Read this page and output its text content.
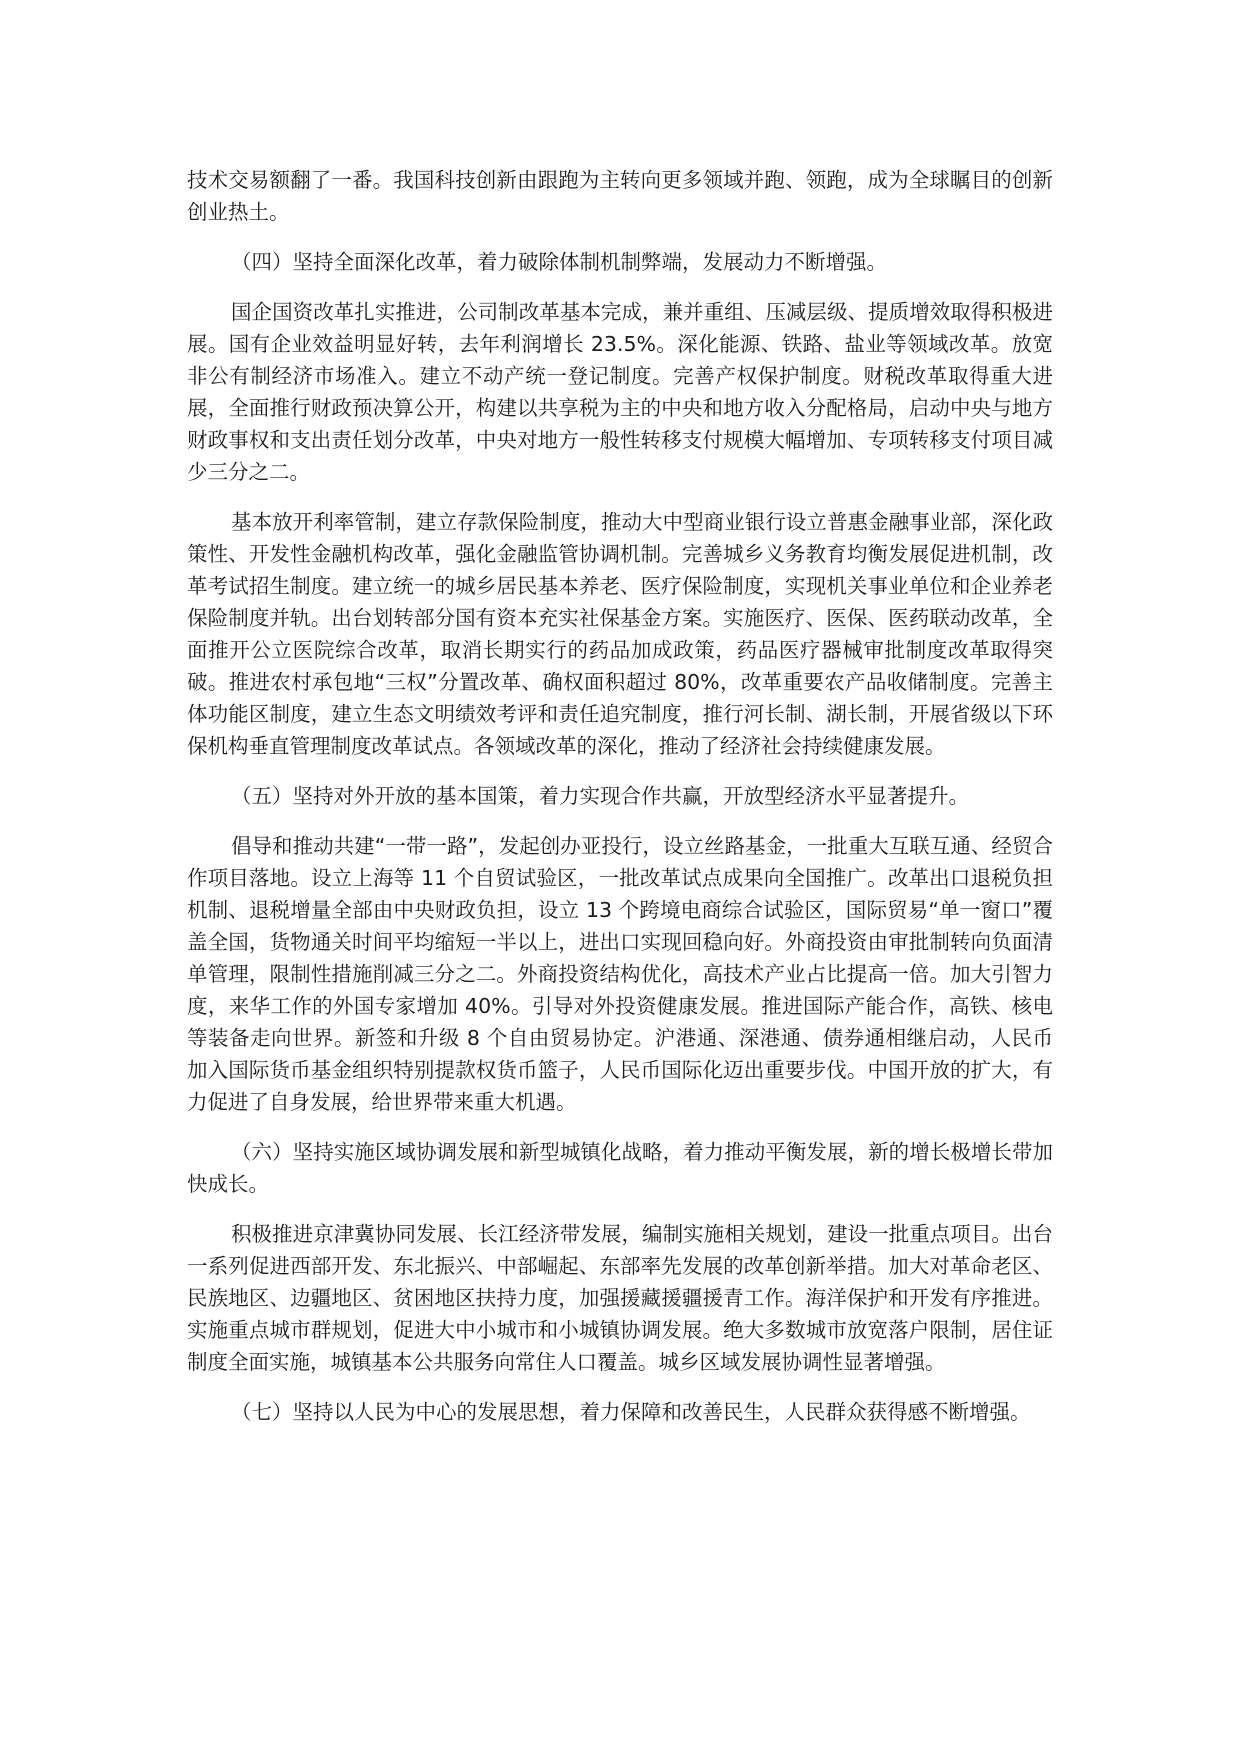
技术交易额翻了一番。我国科技创新由跟跑为主转向更多领域并跑、领跑，成为全球瞩目的创新创业热土。

（四）坚持全面深化改革，着力破除体制机制弊端，发展动力不断增强。

国企国资改革扎实推进，公司制改革基本完成，兼并重组、压减层级、提质增效取得积极进展。国有企业效益明显好转，去年利润增长 23.5%。深化能源、铁路、盐业等领域改革。放宽非公有制经济市场准入。建立不动产统一登记制度。完善产权保护制度。财税改革取得重大进展，全面推行财政预决算公开，构建以共享税为主的中央和地方收入分配格局，启动中央与地方财政事权和支出责任划分改革，中央对地方一般性转移支付规模大幅增加、专项转移支付项目减少三分之二。

基本放开利率管制，建立存款保险制度，推动大中型商业银行设立普惠金融事业部，深化政策性、开发性金融机构改革，强化金融监管协调机制。完善城乡义务教育均衡发展促进机制，改革考试招生制度。建立统一的城乡居民基本养老、医疗保险制度，实现机关事业单位和企业养老保险制度并轨。出台划转部分国有资本充实社保基金方案。实施医疗、医保、医药联动改革，全面推开公立医院综合改革，取消长期实行的药品加成政策，药品医疗器械审批制度改革取得突破。推进农村承包地“三权”分置改革、确权面积超过 80%，改革重要农产品收储制度。完善主体功能区制度，建立生态文明绩效考评和责任追究制度，推行河长制、湖长制，开展省级以下环保机构垂直管理制度改革试点。各领域改革的深化，推动了经济社会持续健康发展。

（五）坚持对外开放的基本国策，着力实现合作共赢，开放型经济水平显著提升。

倡导和推动共建“一带一路”，发起创办亚投行，设立丝路基金，一批重大互联互通、经贸合作项目落地。设立上海等 11 个自贸试验区，一批改革试点成果向全国推广。改革出口退税负担机制、退税增量全部由中央财政负担，设立 13 个跨境电商综合试验区，国际贸易“单一窗口”覆盖全国，货物通关时间平均缩短一半以上，进出口实现回稳向好。外商投资由审批制转向负面清单管理，限制性措施削减三分之二。外商投资结构优化，高技术产业占比提高一倍。加大引智力度，来华工作的外国专家增加 40%。引导对外投资健康发展。推进国际产能合作，高铁、核电等装备走向世界。新签和升级 8 个自由贸易协定。沪港通、深港通、债券通相继启动，人民币加入国际货币基金组织特别提款权货币篮子，人民币国际化迈出重要步伐。中国开放的扩大，有力促进了自身发展，给世界带来重大机遇。

（六）坚持实施区域协调发展和新型城镇化战略，着力推动平衡发展，新的增长极增长带加快成长。

积极推进京津冀协同发展、长江经济带发展，编制实施相关规划，建设一批重点项目。出台一系列促进西部开发、东北振兴、中部崛起、东部率先发展的改革创新举措。加大对革命老区、民族地区、边疆地区、贫困地区扶持力度，加强援藏援疆援青工作。海洋保护和开发有序推进。实施重点城市群规划，促进大中小城市和小城镇协调发展。绝大多数城市放宽落户限制，居住证制度全面实施，城镇基本公共服务向常住人口覆盖。城乡区域发展协调性显著增强。

（七）坚持以人民为中心的发展思想，着力保障和改善民生，人民群众获得感不断增强。
